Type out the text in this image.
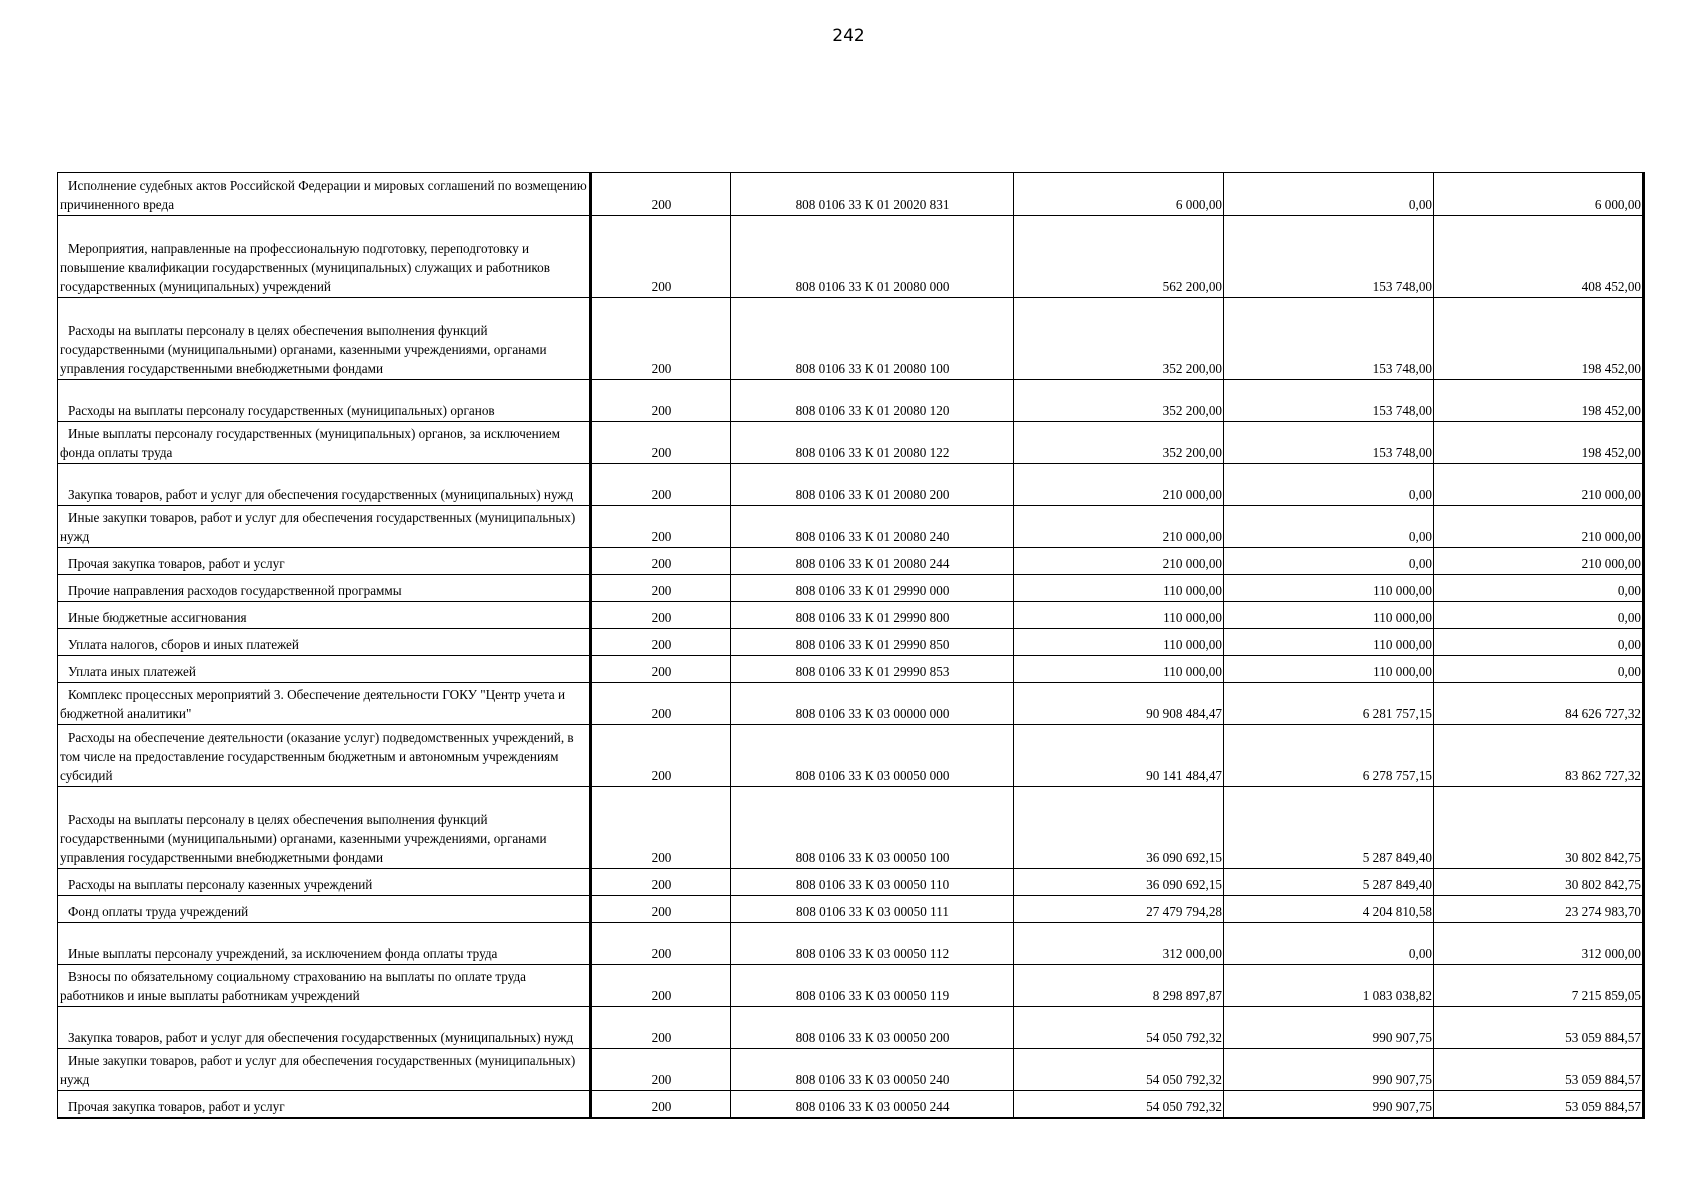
242
Исполнение судебных актов Российской Федерации и мировых соглашений по возмещению причиненного вреда	200	808 0106 33 К 01 20020 831	6 000,00	0,00	6 000,00

Мероприятия, направленные на профессиональную подготовку, переподготовку и повышение квалификации государственных (муниципальных) служащих и работников государственных (муниципальных) учреждений	200	808 0106 33 К 01 20080 000	562 200,00	153 748,00	408 452,00

Расходы на выплаты персоналу в целях обеспечения выполнения функций государственными (муниципальными) органами, казенными учреждениями, органами управления государственными внебюджетными фондами	200	808 0106 33 К 01 20080 100	352 200,00	153 748,00	198 452,00

Расходы на выплаты персоналу государственных (муниципальных) органов	200	808 0106 33 К 01 20080 120	352 200,00	153 748,00	198 452,00

Иные выплаты персоналу государственных (муниципальных) органов, за исключением фонда оплаты труда	200	808 0106 33 К 01 20080 122	352 200,00	153 748,00	198 452,00

Закупка товаров, работ и услуг для обеспечения государственных (муниципальных) нужд	200	808 0106 33 К 01 20080 200	210 000,00	0,00	210 000,00

Иные закупки товаров, работ и услуг для обеспечения государственных (муниципальных) нужд	200	808 0106 33 К 01 20080 240	210 000,00	0,00	210 000,00

Прочая закупка товаров, работ и услуг	200	808 0106 33 К 01 20080 244	210 000,00	0,00	210 000,00

Прочие направления расходов государственной программы	200	808 0106 33 К 01 29990 000	110 000,00	110 000,00	0,00

Иные бюджетные ассигнования	200	808 0106 33 К 01 29990 800	110 000,00	110 000,00	0,00

Уплата налогов, сборов и иных платежей	200	808 0106 33 К 01 29990 850	110 000,00	110 000,00	0,00

Уплата иных платежей	200	808 0106 33 К 01 29990 853	110 000,00	110 000,00	0,00

Комплекс процессных мероприятий 3. Обеспечение деятельности ГОКУ "Центр учета и бюджетной аналитики"	200	808 0106 33 К 03 00000 000	90 908 484,47	6 281 757,15	84 626 727,32

Расходы на обеспечение деятельности (оказание услуг) подведомственных учреждений, в том числе на предоставление государственным бюджетным и автономным учреждениям субсидий	200	808 0106 33 К 03 00050 000	90 141 484,47	6 278 757,15	83 862 727,32

Расходы на выплаты персоналу в целях обеспечения выполнения функций государственными (муниципальными) органами, казенными учреждениями, органами управления государственными внебюджетными фондами	200	808 0106 33 К 03 00050 100	36 090 692,15	5 287 849,40	30 802 842,75

Расходы на выплаты персоналу казенных учреждений	200	808 0106 33 К 03 00050 110	36 090 692,15	5 287 849,40	30 802 842,75

Фонд оплаты труда учреждений	200	808 0106 33 К 03 00050 111	27 479 794,28	4 204 810,58	23 274 983,70

Иные выплаты персоналу учреждений, за исключением фонда оплаты труда	200	808 0106 33 К 03 00050 112	312 000,00	0,00	312 000,00

Взносы по обязательному социальному страхованию на выплаты по оплате труда работников и иные выплаты работникам учреждений	200	808 0106 33 К 03 00050 119	8 298 897,87	1 083 038,82	7 215 859,05

Закупка товаров, работ и услуг для обеспечения государственных (муниципальных) нужд	200	808 0106 33 К 03 00050 200	54 050 792,32	990 907,75	53 059 884,57

Иные закупки товаров, работ и услуг для обеспечения государственных (муниципальных) нужд	200	808 0106 33 К 03 00050 240	54 050 792,32	990 907,75	53 059 884,57

Прочая закупка товаров, работ и услуг	200	808 0106 33 К 03 00050 244	54 050 792,32	990 907,75	53 059 884,57
